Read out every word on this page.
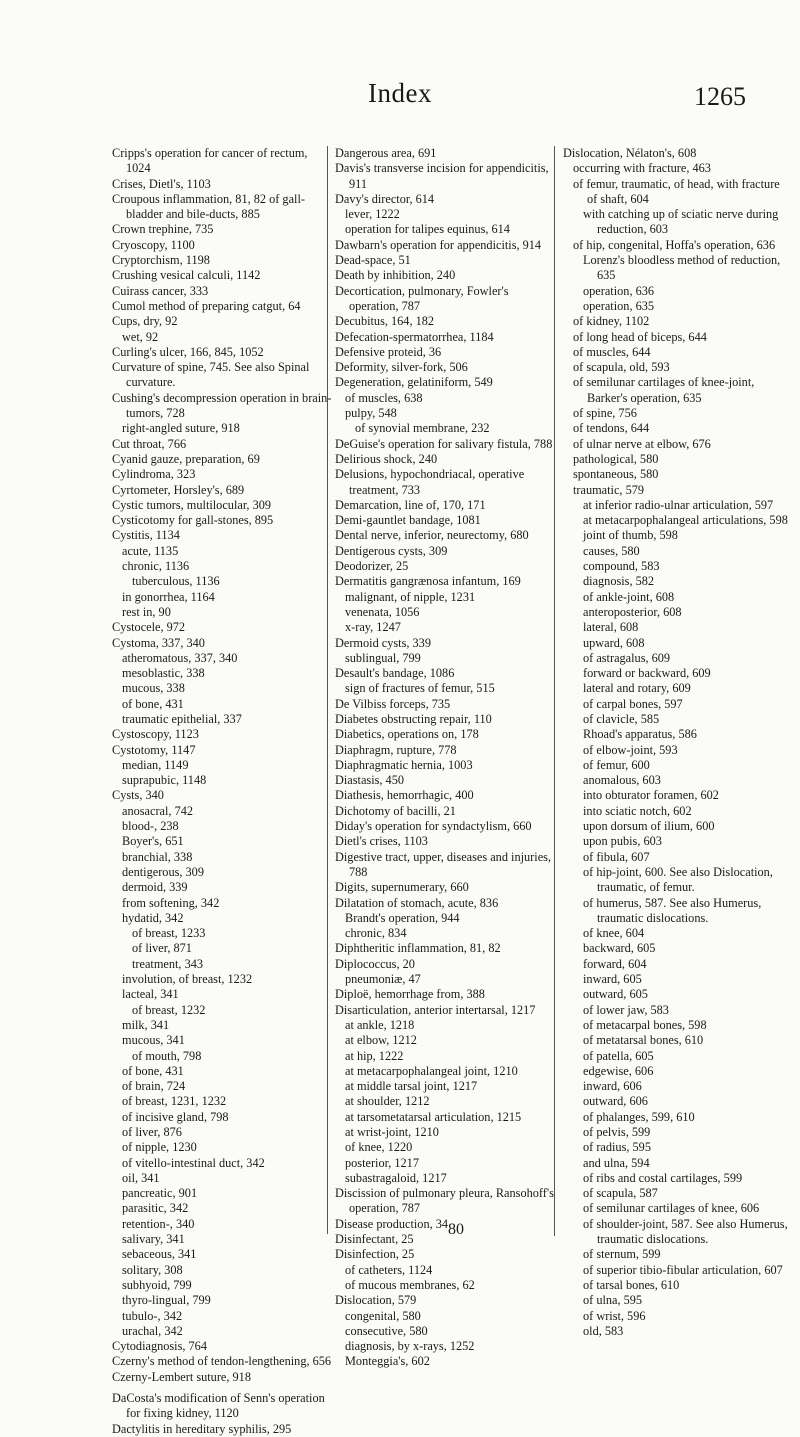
Index	1265
Cripps's operation for cancer of rectum, 1024
Crises, Dietl's, 1103
Croupous inflammation, 81, 82 of gall-bladder and bile-ducts, 885
Crown trephine, 735
Cryoscopy, 1100
Cryptorchism, 1198
Crushing vesical calculi, 1142
Cuirass cancer, 333
Cumol method of preparing catgut, 64
Cups, dry, 92
wet, 92
Curling's ulcer, 166, 845, 1052
Curvature of spine, 745. See also Spinal curvature.
Cushing's decompression operation in brain-tumors, 728
right-angled suture, 918
Cut throat, 766
Cyanid gauze, preparation, 69
Cylindroma, 323
Cyrtometer, Horsley's, 689
Cystic tumors, multilocular, 309
Cysticotomy for gall-stones, 895
Cystitis, 1134
acute, 1135
chronic, 1136
tuberculous, 1136
in gonorrhea, 1164
rest in, 90
Cystocele, 972
Cystoma, 337, 340
atheromatous, 337, 340
mesoblastic, 338
mucous, 338
of bone, 431
traumatic epithelial, 337
Cystoscopy, 1123
Cystotomy, 1147
median, 1149
suprapubic, 1148
Cysts, 340
anosacral, 742
blood-, 238
Boyer's, 651
branchial, 338
dentigerous, 309
dermoid, 339
from softening, 342
hydatid, 342
of breast, 1233
of liver, 871
treatment, 343
involution, of breast, 1232
lacteal, 341
of breast, 1232
milk, 341
mucous, 341
of mouth, 798
of bone, 431
of brain, 724
of breast, 1231, 1232
of incisive gland, 798
of liver, 876
of nipple, 1230
of vitello-intestinal duct, 342
oil, 341
pancreatic, 901
parasitic, 342
retention-, 340
salivary, 341
sebaceous, 341
solitary, 308
subhyoid, 799
thyro-lingual, 799
tubulo-, 342
urachal, 342
Cytodiagnosis, 764
Czerny's method of tendon-lengthening, 656
Czerny-Lembert suture, 918
DaCosta's modification of Senn's operation for fixing kidney, 1120
Dactylitis in hereditary syphilis, 295
Dangerous area, 691
Davis's transverse incision for appendicitis, 911
Davy's director, 614
lever, 1222
operation for talipes equinus, 614
Dawbarn's operation for appendicitis, 914
Dead-space, 51
Death by inhibition, 240
Decortication, pulmonary, Fowler's operation, 787
Decubitus, 164, 182
Defecation-spermatorrhea, 1184
Defensive proteid, 36
Deformity, silver-fork, 506
Degeneration, gelatiniform, 549
of muscles, 638
pulpy, 548
of synovial membrane, 232
DeGuise's operation for salivary fistula, 788
Delirious shock, 240
Delusions, hypochondriacal, operative treatment, 733
Demarcation, line of, 170, 171
Demi-gauntlet bandage, 1081
Dental nerve, inferior, neurectomy, 680
Dentigerous cysts, 309
Deodorizer, 25
Dermatitis gangrænosa infantum, 169
malignant, of nipple, 1231
venenata, 1056
x-ray, 1247
Dermoid cysts, 339
sublingual, 799
Desault's bandage, 1086
sign of fractures of femur, 515
De Vilbiss forceps, 735
Diabetes obstructing repair, 110
Diabetics, operations on, 178
Diaphragm, rupture, 778
Diaphragmatic hernia, 1003
Diastasis, 450
Diathesis, hemorrhagic, 400
Dichotomy of bacilli, 21
Diday's operation for syndactylism, 660
Dietl's crises, 1103
Digestive tract, upper, diseases and injuries, 788
Digits, supernumerary, 660
Dilatation of stomach, acute, 836
Brandt's operation, 944
chronic, 834
Diphtheritic inflammation, 81, 82
Diplococcus, 20
pneumoniæ, 47
Diploë, hemorrhage from, 388
Disarticulation, anterior intertarsal, 1217
at ankle, 1218
at elbow, 1212
at hip, 1222
at metacarpophalangeal joint, 1210
at middle tarsal joint, 1217
at shoulder, 1212
at tarsometatarsal articulation, 1215
at wrist-joint, 1210
of knee, 1220
posterior, 1217
subastragaloid, 1217
Discission of pulmonary pleura, Ransohoff's operation, 787
Disease production, 34
Disinfectant, 25
Disinfection, 25
of catheters, 1124
of mucous membranes, 62
Dislocation, 579
congenital, 580
consecutive, 580
diagnosis, by x-rays, 1252
Monteggia's, 602
Dislocation, Nélaton's, 608
occurring with fracture, 463
of femur, traumatic, of head, with fracture of shaft, 604
with catching up of sciatic nerve during reduction, 603
of hip, congenital, Hoffa's operation, 636
Lorenz's bloodless method of reduction, 635
operation, 636
operation, 635
of kidney, 1102
of long head of biceps, 644
of muscles, 644
of scapula, old, 593
of semilunar cartilages of knee-joint, Barker's operation, 635
of spine, 756
of tendons, 644
of ulnar nerve at elbow, 676
pathological, 580
spontaneous, 580
traumatic, 579
at inferior radio-ulnar articulation, 597
at metacarpophalangeal articulations, 598
joint of thumb, 598
causes, 580
compound, 583
diagnosis, 582
of ankle-joint, 608
anteroposterior, 608
lateral, 608
upward, 608
of astragalus, 609
forward or backward, 609
lateral and rotary, 609
of carpal bones, 597
of clavicle, 585
Rhoad's apparatus, 586
of elbow-joint, 593
of femur, 600
anomalous, 603
into obturator foramen, 602
into sciatic notch, 602
upon dorsum of ilium, 600
upon pubis, 603
of fibula, 607
of hip-joint, 600. See also Dislocation, traumatic, of femur.
of humerus, 587. See also Humerus, traumatic dislocations.
of knee, 604
backward, 605
forward, 604
inward, 605
outward, 605
of lower jaw, 583
of metacarpal bones, 598
of metatarsal bones, 610
of patella, 605
edgewise, 606
inward, 606
outward, 606
of phalanges, 599, 610
of pelvis, 599
of radius, 595
and ulna, 594
of ribs and costal cartilages, 599
of scapula, 587
of semilunar cartilages of knee, 606
of shoulder-joint, 587. See also Humerus, traumatic dislocations.
of sternum, 599
of superior tibio-fibular articulation, 607
of tarsal bones, 610
of ulna, 595
of wrist, 596
old, 583
80
